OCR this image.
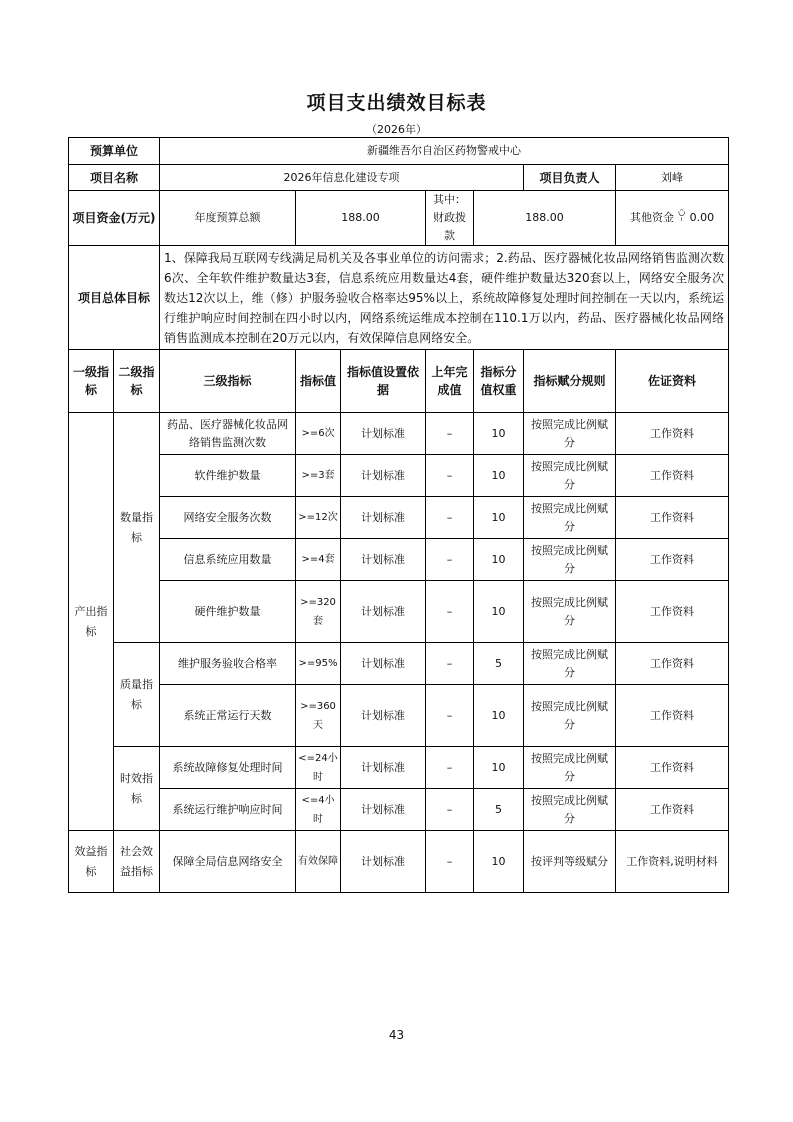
项目支出绩效目标表
（2026年）
预算单位		新疆维吾尔自治区药物警戒中心						
项目名称		2026年信息化建设专项					项目负责人	刘峰
项目资金(万元)		年度预算总额	188.00		其中：财政拨款	188.00		其他资金 ꌨ 0.00
项目总体目标		1、保障我局互联网专线满足局机关及各事业单位的访问需求；2.药品、医疗器械化妆品网络销售监测次数6次、全年软件维护数量达3套，信息系统应用数量达4套，硬件维护数量达320套以上，网络安全服务次数达12次以上，维（修）护服务验收合格率达95%以上，系统故障修复处理时间控制在一天以内，系统运行维护响应时间控制在四小时以内，网络系统运维成本控制在110.1万以内，药品、医疗器械化妆品网络销售监测成本控制在20万元以内，有效保障信息网络安全。						
一级指标	二级指标	三级指标	指标值	指标值设置依据	上年完成值	指标分值权重	指标赋分规则	佐证资料
产出指标	数量指标	药品、医疗器械化妆品网络销售监测次数	>=6次	计划标准	–	10	按照完成比例赋分	工作资料
		软件维护数量	>=3套	计划标准	–	10	按照完成比例赋分	工作资料
		网络安全服务次数	>=12次	计划标准	–	10	按照完成比例赋分	工作资料
		信息系统应用数量	>=4套	计划标准	–	10	按照完成比例赋分	工作资料
		硬件维护数量	>=320套	计划标准	–	10	按照完成比例赋分	工作资料
	质量指标	维护服务验收合格率	>=95%	计划标准	–	5	按照完成比例赋分	工作资料
		系统正常运行天数	>=360天	计划标准	–	10	按照完成比例赋分	工作资料
	时效指标	系统故障修复处理时间	<=24小时	计划标准	–	10	按照完成比例赋分	工作资料
		系统运行维护响应时间	<=4小时	计划标准	–	5	按照完成比例赋分	工作资料
效益指标	社会效益指标	保障全局信息网络安全	有效保障	计划标准	–	10	按评判等级赋分	工作资料,说明材料
43
